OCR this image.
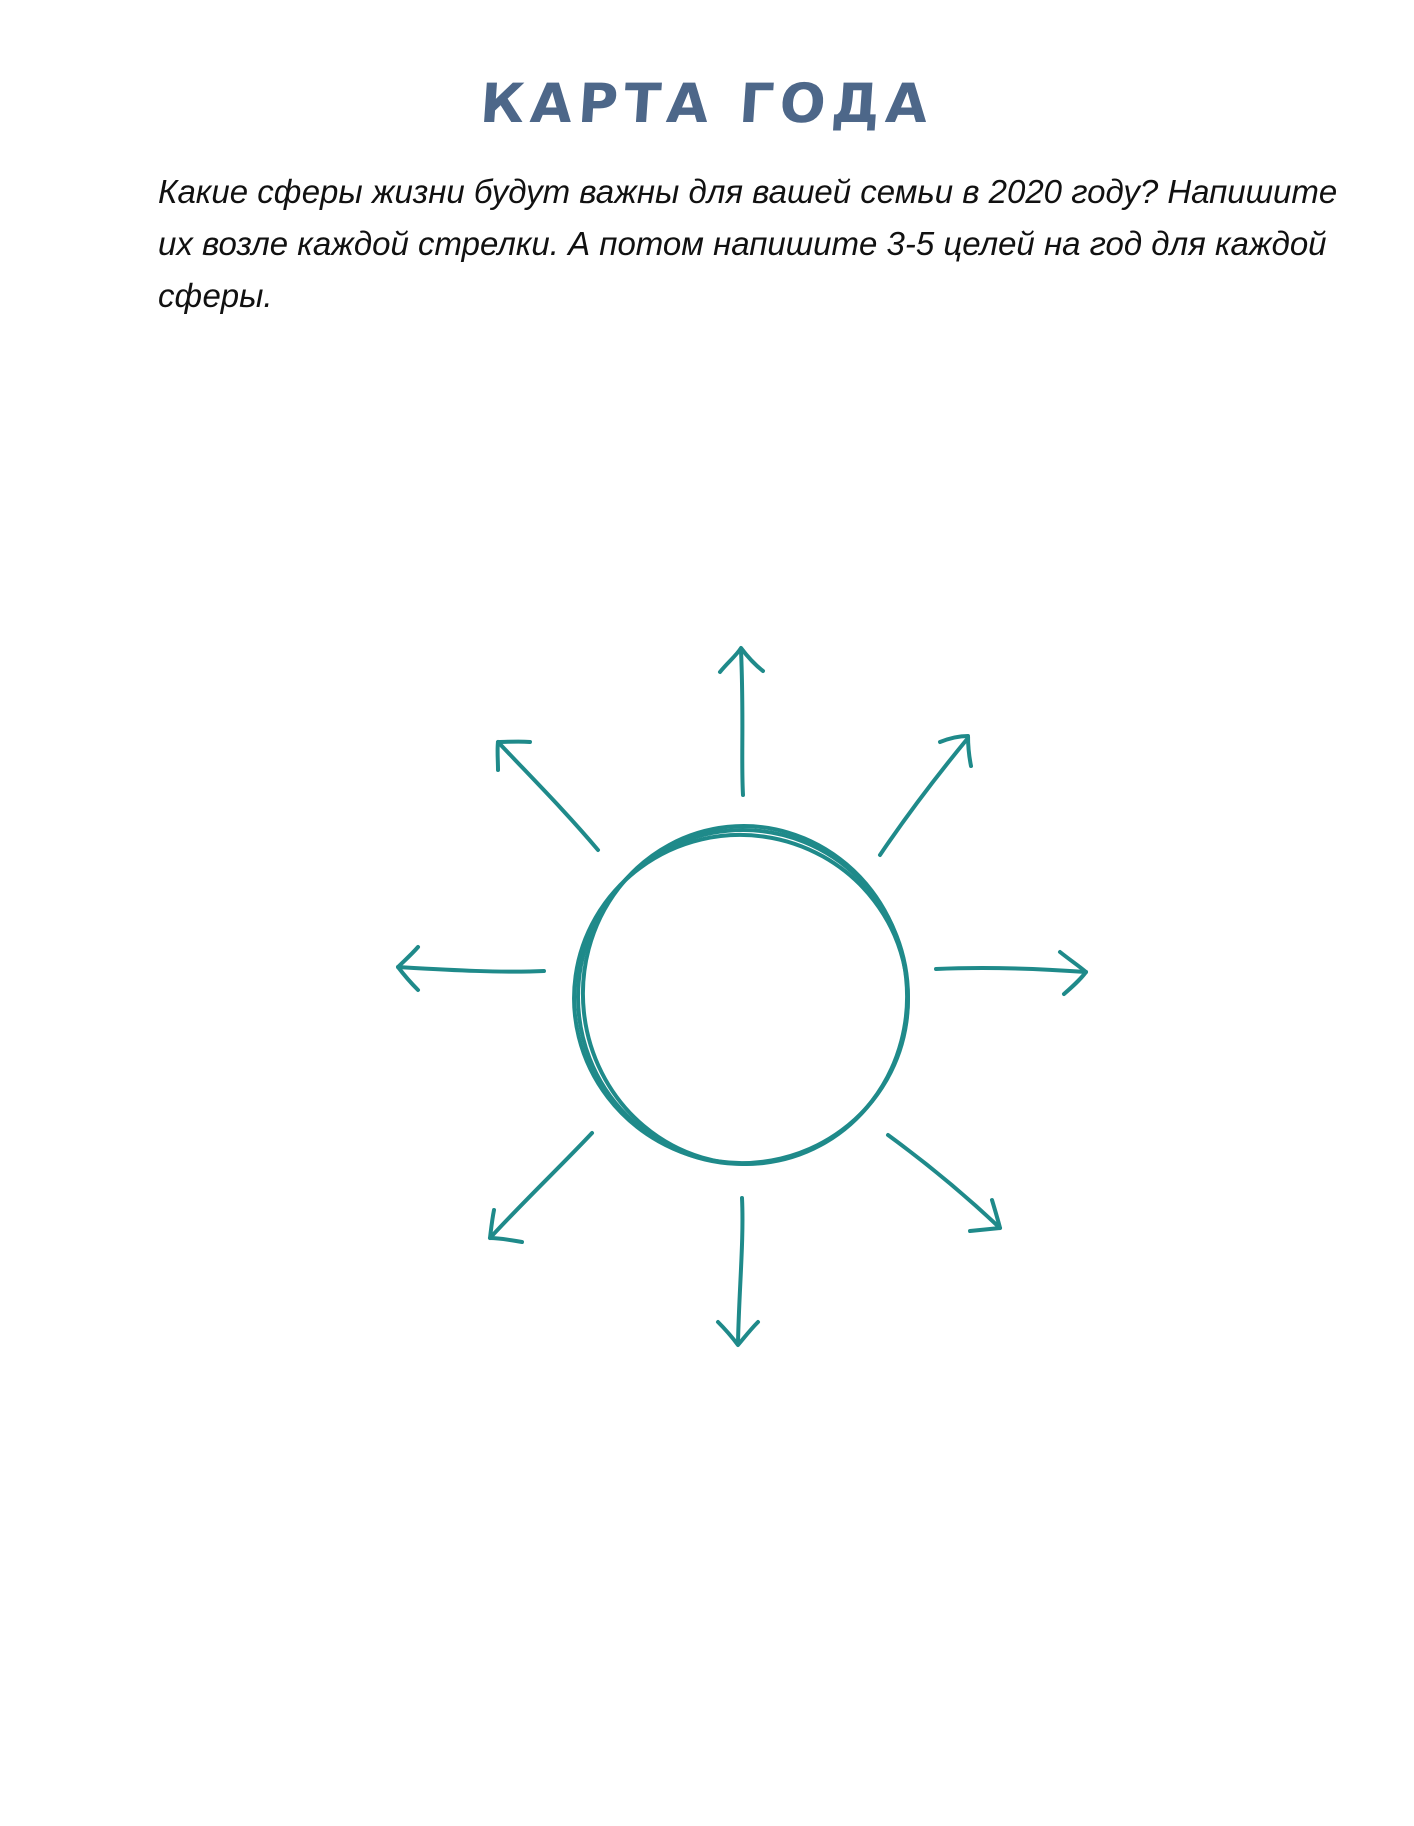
КАРТА ГОДА

Какие сферы жизни будут важны для вашей семьи в 2020 году? Напишите их возле каждой стрелки. А потом напишите 3-5 целей на год для каждой сферы.
